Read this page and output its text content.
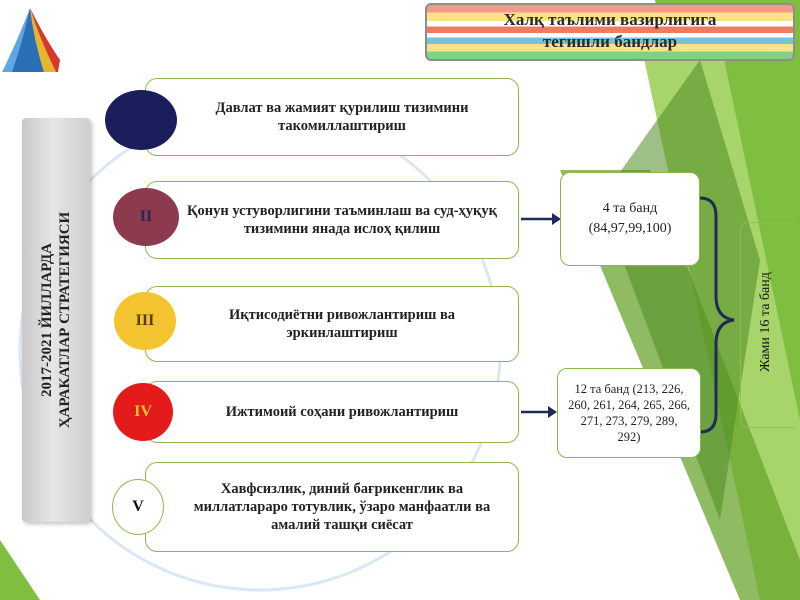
2017-2021 ЙИЛЛАРДА ҲАРАКАТЛАР СТРАТЕГИЯСИ
Халқ таълими вазирлигига
тегишли бандлар
Давлат ва жамият қурилиш тизимини такомиллаштириш
I
Қонун устуворлигини таъминлаш ва суд-ҳуқуқ тизимини янада ислоҳ қилиш
II
Иқтисодиётни ривожлантириш ва эркинлаштириш
III
Ижтимоий соҳани ривожлантириш
IV
Хавфсизлик, диний бағрикенглик ва миллатлараро тотувлик, ўзаро манфаатли ва амалий ташқи сиёсат
V
4 та банд
(84,97,99,100)
12 та банд (213, 226, 260, 261, 264, 265, 266, 271, 273, 279, 289, 292)
Жами 16 та банд
